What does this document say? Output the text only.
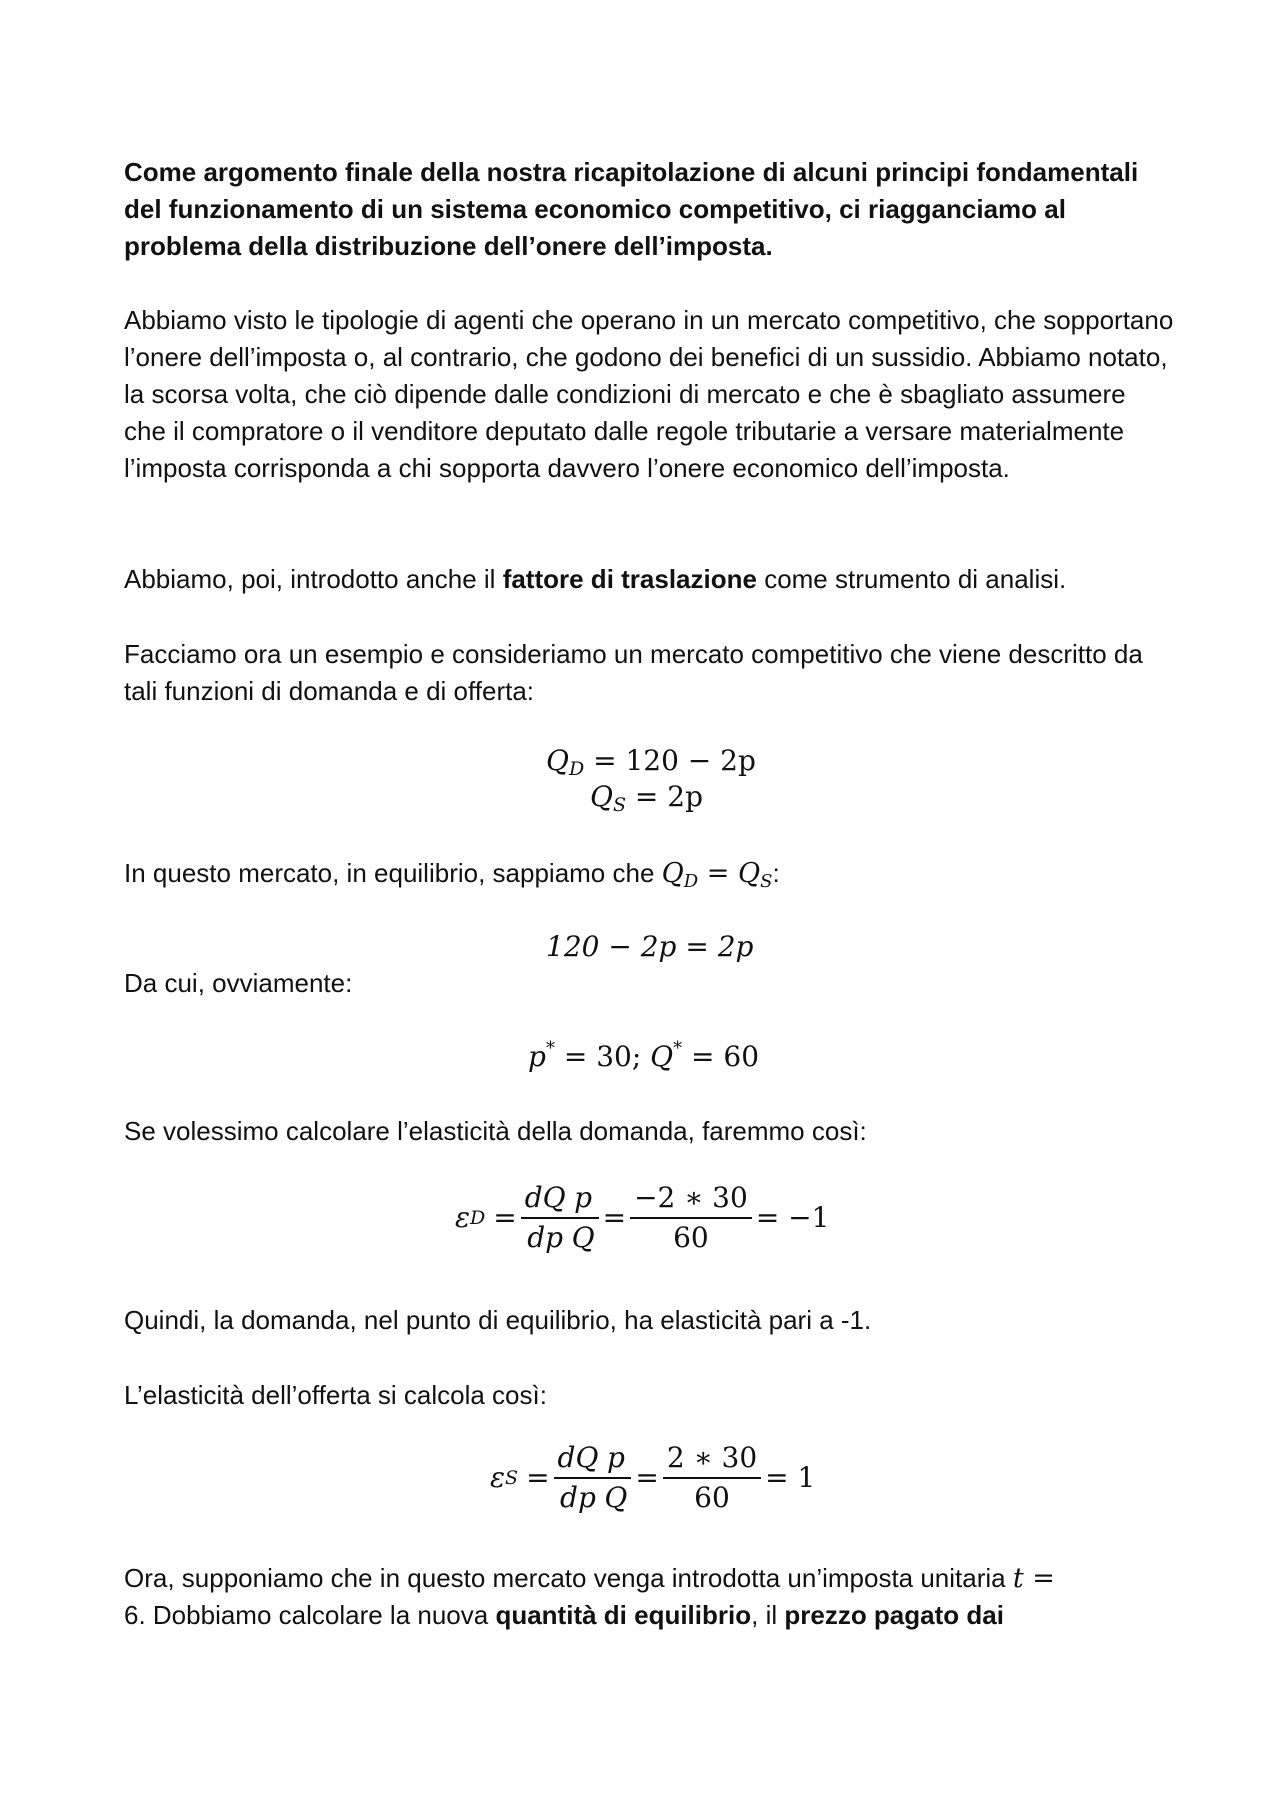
Come argomento finale della nostra ricapitolazione di alcuni principi fondamentali del funzionamento di un sistema economico competitivo, ci riagganciamo al problema della distribuzione dell’onere dell’imposta.

Abbiamo visto le tipologie di agenti che operano in un mercato competitivo, che sopportano l’onere dell’imposta o, al contrario, che godono dei benefici di un sussidio. Abbiamo notato, la scorsa volta, che ciò dipende dalle condizioni di mercato e che è sbagliato assumere che il compratore o il venditore deputato dalle regole tributarie a versare materialmente l’imposta corrisponda a chi sopporta davvero l’onere economico dell’imposta.

Abbiamo, poi, introdotto anche il fattore di traslazione come strumento di analisi.

Facciamo ora un esempio e consideriamo un mercato competitivo che viene descritto da tali funzioni di domanda e di offerta:

$Q_D = 120 - 2p$
$Q_S = 2p$

In questo mercato, in equilibrio, sappiamo che $Q_D = Q_S$:

120 − 2p = 2p

Da cui, ovviamente:

p* = 30; Q* = 60

Se volessimo calcolare l’elasticità della domanda, faremmo così:

ε $D = \frac{dQ}{dp}$
$\frac{p}{Q} = \frac{-2 ∗ 30}{60} = -1$

Quindi, la domanda, nel punto di equilibrio, ha elasticità pari a -1.

L’elasticità dell’offerta si calcola così:

ε $S = \frac{dQ}{dp}$
$\frac{p}{Q} = \frac{2 ∗ 30}{60} = 1$

Ora, supponiamo che in questo mercato venga introdotta un’imposta unitaria t =
6. Dobbiamo calcolare la nuova quantità di equilibrio, il prezzo pagato dai
